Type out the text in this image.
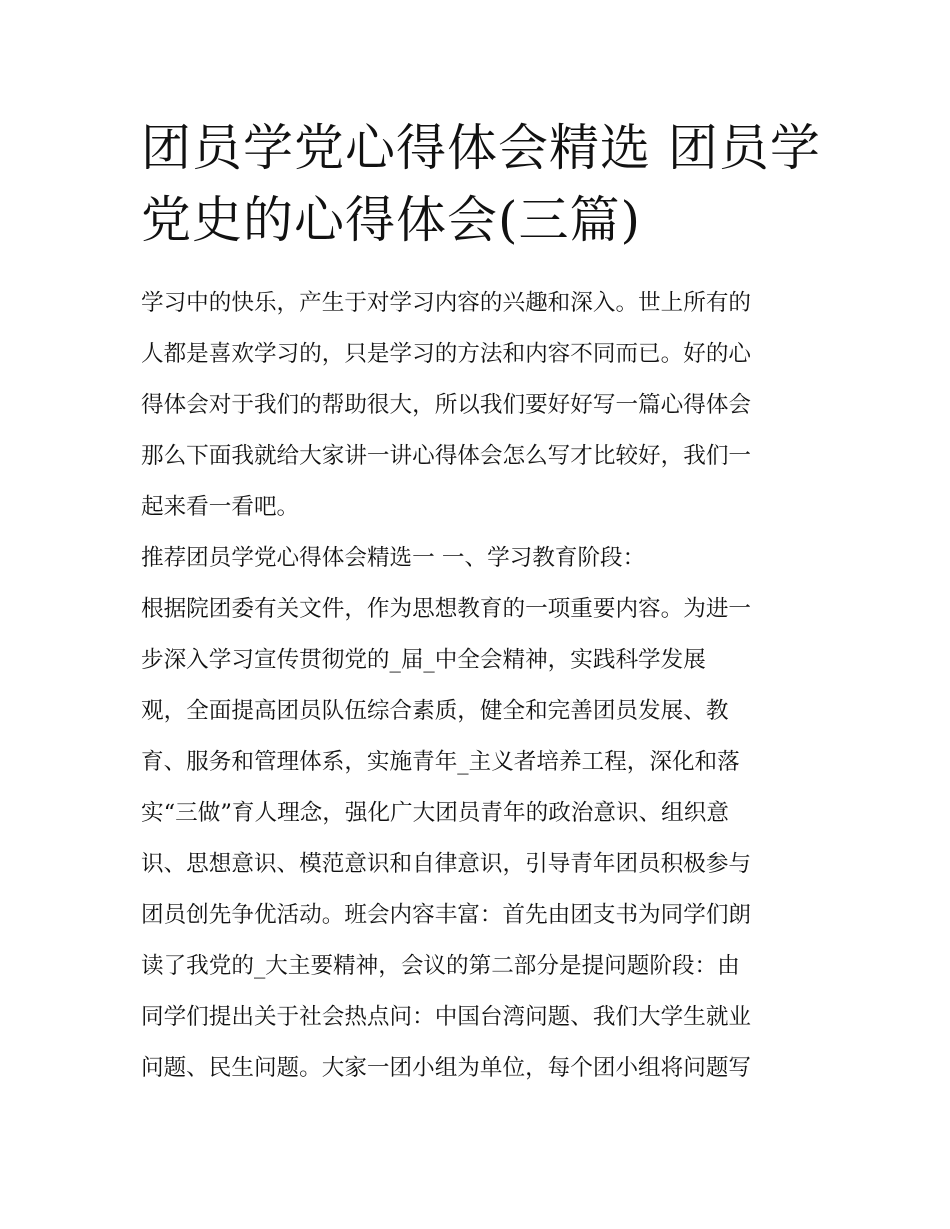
团员学党心得体会精选 团员学
党史的心得体会(三篇)
学习中的快乐，产生于对学习内容的兴趣和深入。世上所有的
人都是喜欢学习的，只是学习的方法和内容不同而已。好的心
得体会对于我们的帮助很大，所以我们要好好写一篇心得体会
那么下面我就给大家讲一讲心得体会怎么写才比较好，我们一
起来看一看吧。
推荐团员学党心得体会精选一 一、学习教育阶段：
根据院团委有关文件，作为思想教育的一项重要内容。为进一
步深入学习宣传贯彻党的_届_中全会精神，实践科学发展
观，全面提高团员队伍综合素质，健全和完善团员发展、教
育、服务和管理体系，实施青年_主义者培养工程，深化和落
实“三做”育人理念，强化广大团员青年的政治意识、组织意
识、思想意识、模范意识和自律意识，引导青年团员积极参与
团员创先争优活动。班会内容丰富：首先由团支书为同学们朗
读了我党的_大主要精神，会议的第二部分是提问题阶段：由
同学们提出关于社会热点问：中国台湾问题、我们大学生就业
问题、民生问题。大家一团小组为单位，每个团小组将问题写
